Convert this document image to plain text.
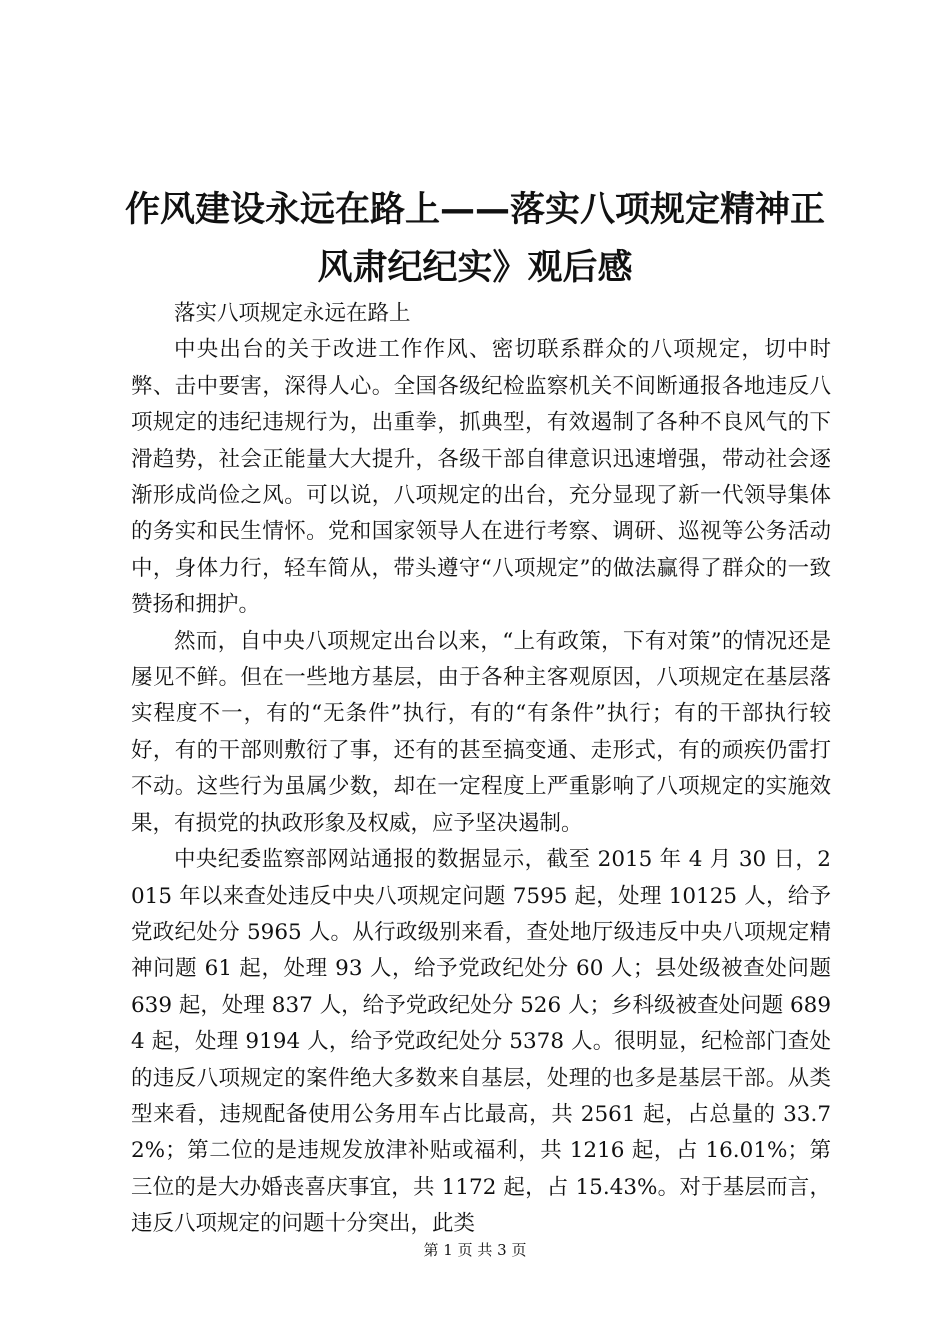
作风建设永远在路上——落实八项规定精神正
风肃纪纪实》观后感

落实八项规定永远在路上

中央出台的关于改进工作作风、密切联系群众的八项规定，切中时弊、击中要害，深得人心。全国各级纪检监察机关不间断通报各地违反八项规定的违纪违规行为，出重拳，抓典型，有效遏制了各种不良风气的下滑趋势，社会正能量大大提升，各级干部自律意识迅速增强，带动社会逐渐形成尚俭之风。可以说，八项规定的出台，充分显现了新一代领导集体的务实和民生情怀。党和国家领导人在进行考察、调研、巡视等公务活动中，身体力行，轻车简从，带头遵守“八项规定”的做法赢得了群众的一致赞扬和拥护。

然而，自中央八项规定出台以来，“上有政策，下有对策”的情况还是屡见不鲜。但在一些地方基层，由于各种主客观原因，八项规定在基层落实程度不一，有的“无条件”执行，有的“有条件”执行；有的干部执行较好，有的干部则敷衍了事，还有的甚至搞变通、走形式，有的顽疾仍雷打不动。这些行为虽属少数，却在一定程度上严重影响了八项规定的实施效果，有损党的执政形象及权威，应予坚决遏制。

中央纪委监察部网站通报的数据显示，截至 2015 年 4 月 30 日，2015 年以来查处违反中央八项规定问题 7595 起，处理 10125 人，给予党政纪处分 5965 人。从行政级别来看，查处地厅级违反中央八项规定精神问题 61 起，处理 93 人，给予党政纪处分 60 人；县处级被查处问题 639 起，处理 837 人，给予党政纪处分 526 人；乡科级被查处问题 6894 起，处理 9194 人，给予党政纪处分 5378 人。很明显，纪检部门查处的违反八项规定的案件绝大多数来自基层，处理的也多是基层干部。从类型来看，违规配备使用公务用车占比最高，共 2561 起，占总量的 33.72%；第二位的是违规发放津补贴或福利，共 1216 起，占 16.01%；第三位的是大办婚丧喜庆事宜，共 1172 起，占 15.43%。对于基层而言，违反八项规定的问题十分突出，此类

第 1 页 共 3 页
